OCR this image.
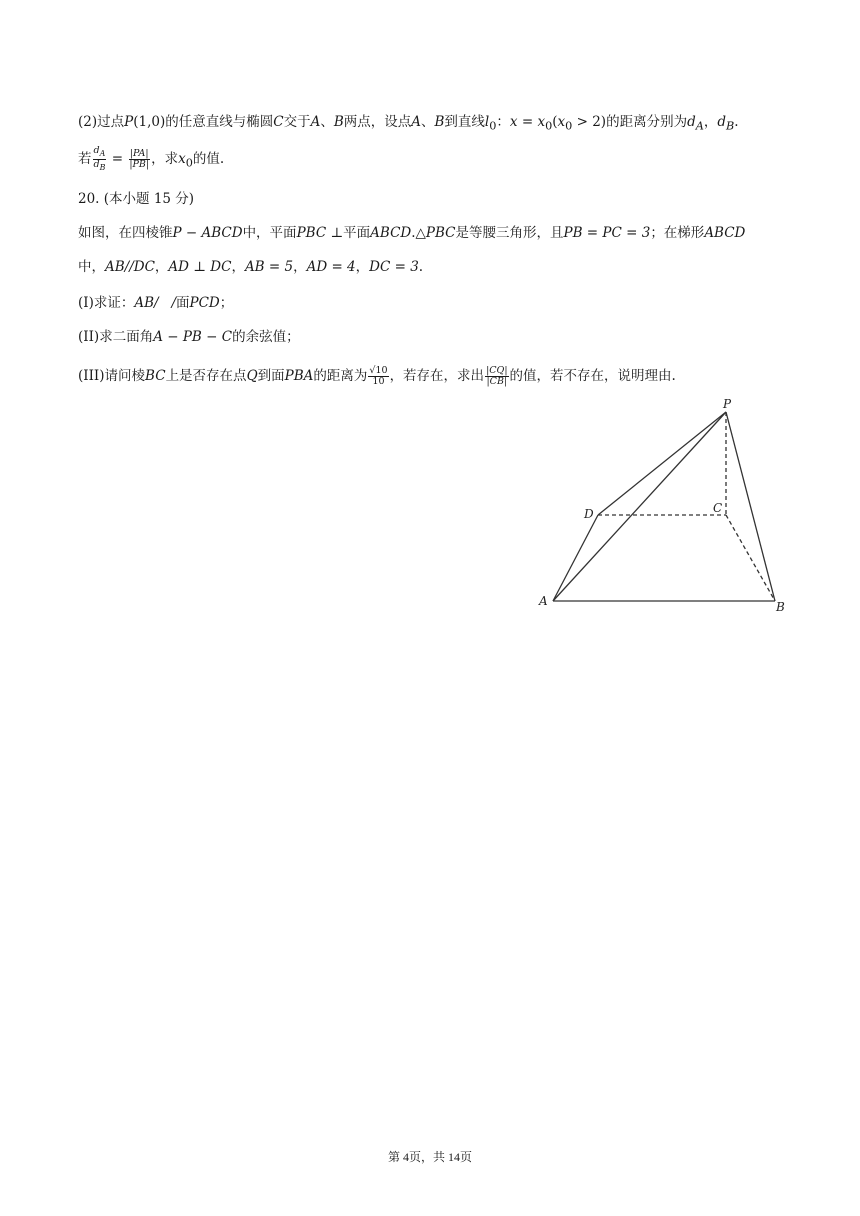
(2)过点P(1,0)的任意直线与椭圆C交于A、B两点，设点A、B到直线$l_0$：$x = x_0(x_0 > 2)$的距离分别为$d_A$，$d_B$.
若 $\frac{d_A}{d_B} = \frac{|PA|}{|PB|}$ ，求$x_0$的值.
20. (本小题 15 分)
如图，在四棱锥P − ABCD中，平面PBC ⊥平面ABCD.△PBC是等腰三角形，且PB = PC = 3；在梯形ABCD
中，AB//DC，AD ⊥ DC，AB = 5，AD = 4，DC = 3.
(I)求证：AB/   /面PCD；
(II)求二面角A − PB − C的余弦值；
(III)请问棱BC上是否存在点Q到面PBA的距离为 $\frac{√10}{10}$ ，若存在，求出 $\frac{|CQ|}{|CB|}$ 的值，若不存在，说明理由.
P
D	C
A	B
第 4页，共 14页
